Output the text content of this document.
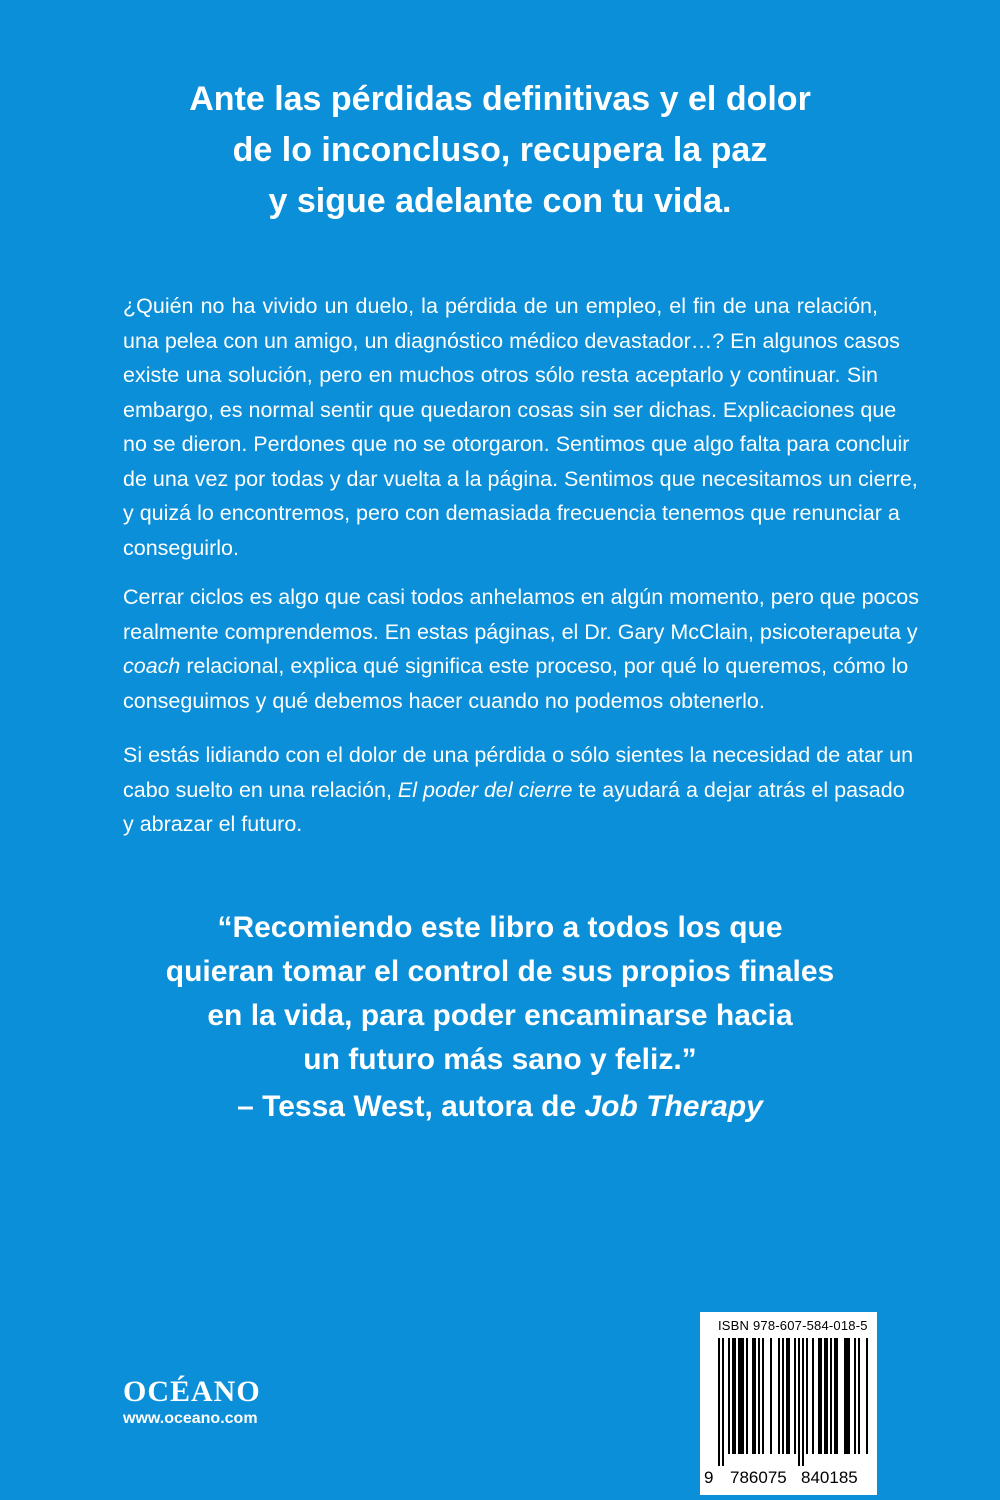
Ante las pérdidas definitivas y el dolor
de lo inconcluso, recupera la paz
y sigue adelante con tu vida.
¿Quién no ha vivido un duelo, la pérdida de un empleo, el fin de una relación,
una pelea con un amigo, un diagnóstico médico devastador…? En algunos casos
existe una solución, pero en muchos otros sólo resta aceptarlo y continuar. Sin
embargo, es normal sentir que quedaron cosas sin ser dichas. Explicaciones que
no se dieron. Perdones que no se otorgaron. Sentimos que algo falta para concluir
de una vez por todas y dar vuelta a la página. Sentimos que necesitamos un cierre,
y quizá lo encontremos, pero con demasiada frecuencia tenemos que renunciar a
conseguirlo.
Cerrar ciclos es algo que casi todos anhelamos en algún momento, pero que pocos
realmente comprendemos. En estas páginas, el Dr. Gary McClain, psicoterapeuta y
coach relacional, explica qué significa este proceso, por qué lo queremos, cómo lo
conseguimos y qué debemos hacer cuando no podemos obtenerlo.
Si estás lidiando con el dolor de una pérdida o sólo sientes la necesidad de atar un
cabo suelto en una relación, El poder del cierre te ayudará a dejar atrás el pasado
y abrazar el futuro.
“Recomiendo este libro a todos los que
quieran tomar el control de sus propios finales
en la vida, para poder encaminarse hacia
un futuro más sano y feliz.”
– Tessa West, autora de Job Therapy
OCÉANO
www.oceano.com
ISBN 978-607-584-018-5
9 786075 840185
